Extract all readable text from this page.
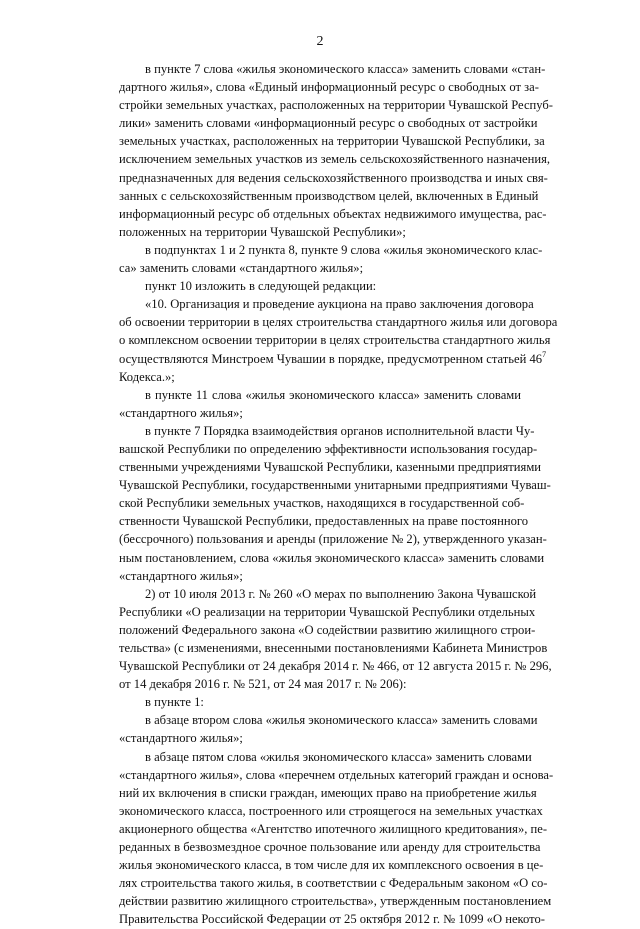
2
в пункте 7 слова «жилья экономического класса» заменить словами «стан-
дартного жилья», слова «Единый информационный ресурс о свободных от за-
стройки земельных участках, расположенных на территории Чувашской Респуб-
лики» заменить словами «информационный ресурс о свободных от застройки
земельных участках, расположенных на территории Чувашской Республики, за
исключением земельных участков из земель сельскохозяйственного назначения,
предназначенных для ведения сельскохозяйственного производства и иных свя-
занных с сельскохозяйственным производством целей, включенных в Единый
информационный ресурс об отдельных объектах недвижимого имущества, рас-
положенных на территории Чувашской Республики»;
в подпунктах 1 и 2 пункта 8, пункте 9 слова «жилья экономического клас-
са» заменить словами «стандартного жилья»;
пункт 10 изложить в следующей редакции:
«10. Организация и проведение аукциона на право заключения договора
об освоении территории в целях строительства стандартного жилья или договора
о комплексном освоении территории в целях строительства стандартного жилья
осуществляются Минстроем Чувашии в порядке, предусмотренном статьей $46^7$
Кодекса.»;
в пункте 11 слова «жилья экономического класса» заменить словами
«стандартного жилья»;
в пункте 7 Порядка взаимодействия органов исполнительной власти Чу-
вашской Республики по определению эффективности использования государ-
ственными учреждениями Чувашской Республики, казенными предприятиями
Чувашской Республики, государственными унитарными предприятиями Чуваш-
ской Республики земельных участков, находящихся в государственной соб-
ственности Чувашской Республики, предоставленных на праве постоянного
(бессрочного) пользования и аренды (приложение № 2), утвержденного указан-
ным постановлением, слова «жилья экономического класса» заменить словами
«стандартного жилья»;
2) от 10 июля 2013 г. № 260 «О мерах по выполнению Закона Чувашской
Республики «О реализации на территории Чувашской Республики отдельных
положений Федерального закона «О содействии развитию жилищного строи-
тельства» (с изменениями, внесенными постановлениями Кабинета Министров
Чувашской Республики от 24 декабря 2014 г. № 466, от 12 августа 2015 г. № 296,
от 14 декабря 2016 г. № 521, от 24 мая 2017 г. № 206):
в пункте 1:
в абзаце втором слова «жилья экономического класса» заменить словами
«стандартного жилья»;
в абзаце пятом слова «жилья экономического класса» заменить словами
«стандартного жилья», слова «перечнем отдельных категорий граждан и основа-
ний их включения в списки граждан, имеющих право на приобретение жилья
экономического класса, построенного или строящегося на земельных участках
акционерного общества «Агентство ипотечного жилищного кредитования», пе-
реданных в безвозмездное срочное пользование или аренду для строительства
жилья экономического класса, в том числе для их комплексного освоения в це-
лях строительства такого жилья, в соответствии с Федеральным законом «О со-
действии развитию жилищного строительства», утвержденным постановлением
Правительства Российской Федерации от 25 октября 2012 г. № 1099 «О некото-
